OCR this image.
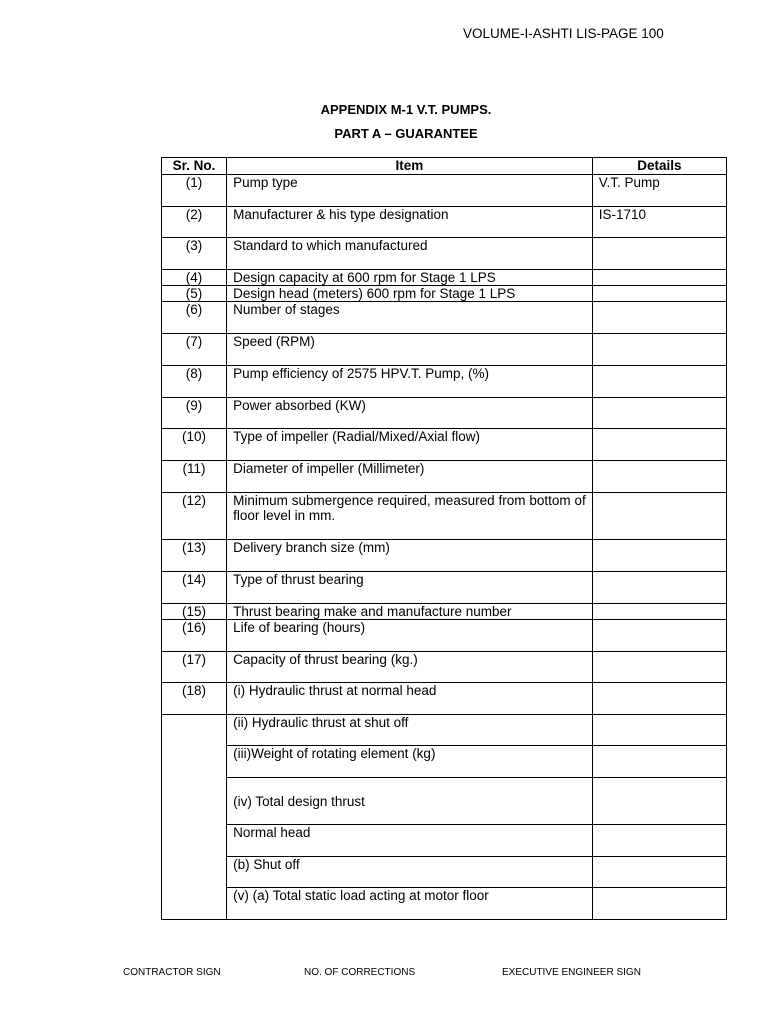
VOLUME-I-ASHTI LIS-PAGE 100
APPENDIX M-1 V.T. PUMPS.
PART A – GUARANTEE
Sr. No.	Item	Details
(1)	Pump type	V.T. Pump
(2)	Manufacturer & his type designation	IS-1710
(3)	Standard to which manufactured	
(4)	Design capacity at 600 rpm for Stage 1 LPS	
(5)	Design head (meters) 600 rpm for Stage 1 LPS	
(6)	Number of stages	
(7)	Speed (RPM)	
(8)	Pump efficiency of 2575 HPV.T. Pump, (%)	
(9)	Power absorbed (KW)	
(10)	Type of impeller (Radial/Mixed/Axial flow)	
(11)	Diameter of impeller (Millimeter)	
(12)	Minimum submergence required, measured from bottom of floor level in mm.	
(13)	Delivery branch size (mm)	
(14)	Type of thrust bearing	
(15)	Thrust bearing make and manufacture number	
(16)	Life of bearing (hours)	
(17)	Capacity of thrust bearing (kg.)	
(18)	(i) Hydraulic thrust at normal head	
	(ii) Hydraulic thrust at shut off	
	(iii)Weight of rotating element (kg)	
	(iv) Total design thrust	
	Normal head	
	(b) Shut off	
	(v) (a) Total static load acting at motor floor	
CONTRACTOR SIGN	NO. OF CORRECTIONS	EXECUTIVE ENGINEER SIGN
